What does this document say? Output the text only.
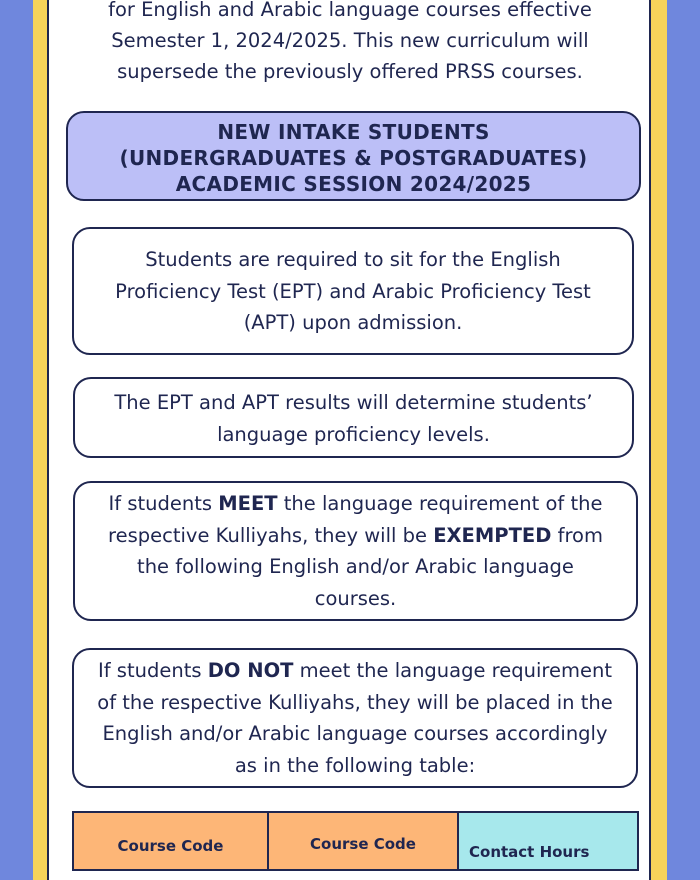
for English and Arabic language courses effective
Semester 1, 2024/2025. This new curriculum will
supersede the previously offered PRSS courses.
NEW INTAKE STUDENTS
(UNDERGRADUATES & POSTGRADUATES)
ACADEMIC SESSION 2024/2025
Students are required to sit for the English
Proficiency Test (EPT) and Arabic Proficiency Test
(APT) upon admission.
The EPT and APT results will determine students’
language proficiency levels.
If students MEET the language requirement of the
respective Kulliyahs, they will be EXEMPTED from
the following English and/or Arabic language
courses.
If students DO NOT meet the language requirement
of the respective Kulliyahs, they will be placed in the
English and/or Arabic language courses accordingly
as in the following table:
Course Code	Course Code	Contact Hours
